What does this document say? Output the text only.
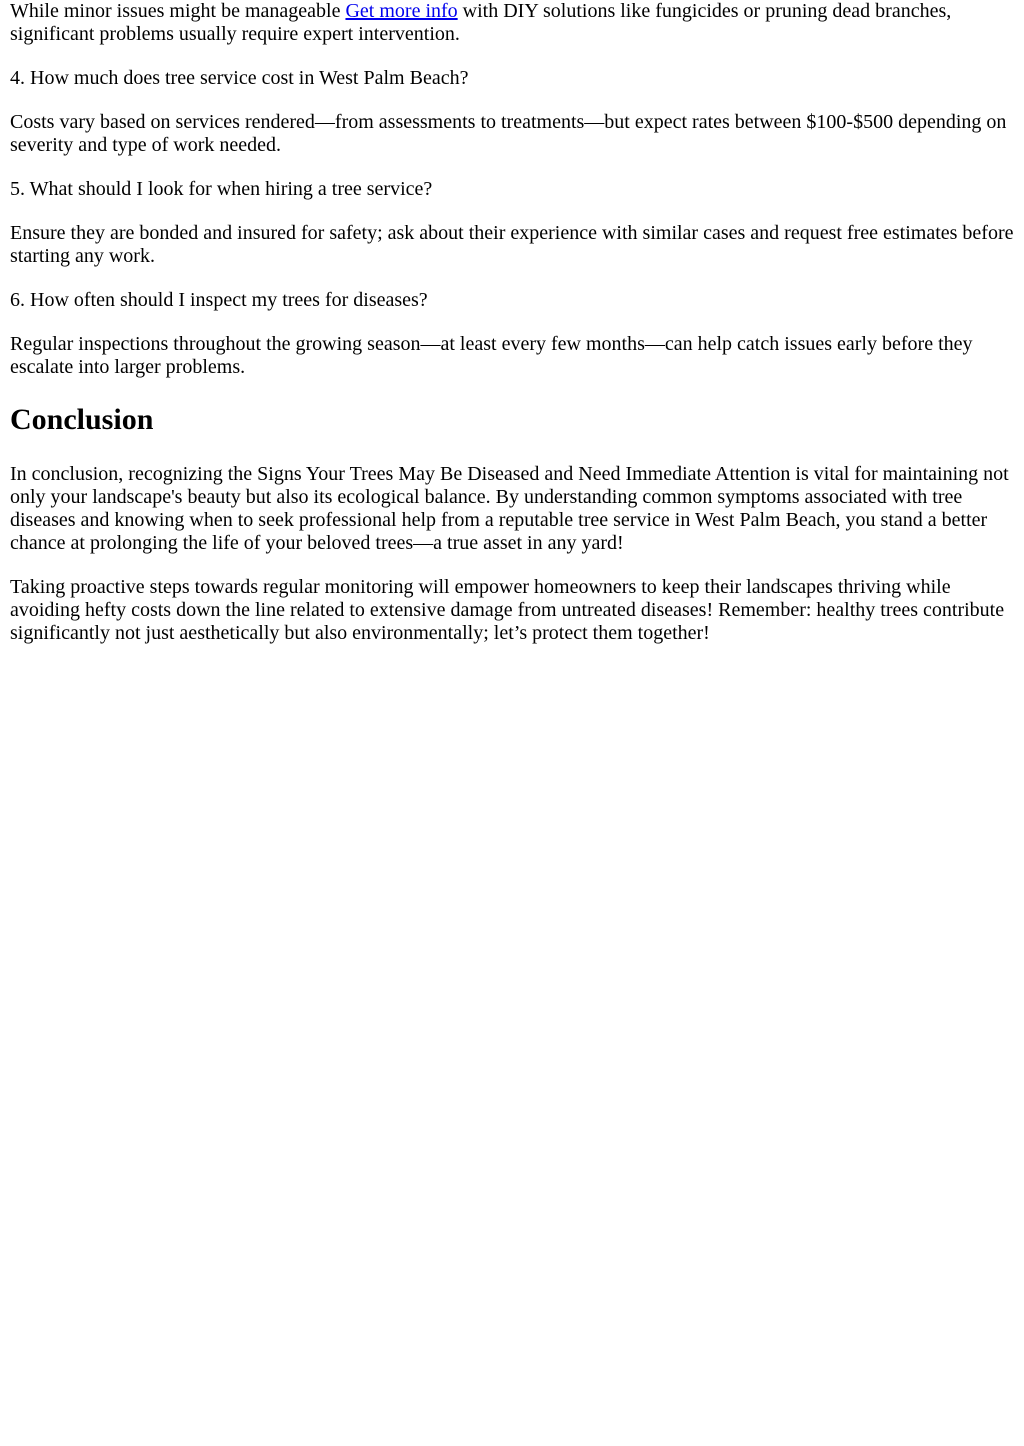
While minor issues might be manageable Get more info with DIY solutions like fungicides or pruning dead branches, significant problems usually require expert intervention.

4. How much does tree service cost in West Palm Beach?

Costs vary based on services rendered—from assessments to treatments—but expect rates between $100-$500 depending on severity and type of work needed.

5. What should I look for when hiring a tree service?

Ensure they are bonded and insured for safety; ask about their experience with similar cases and request free estimates before starting any work.

6. How often should I inspect my trees for diseases?

Regular inspections throughout the growing season—at least every few months—can help catch issues early before they escalate into larger problems.

Conclusion

In conclusion, recognizing the Signs Your Trees May Be Diseased and Need Immediate Attention is vital for maintaining not only your landscape's beauty but also its ecological balance. By understanding common symptoms associated with tree diseases and knowing when to seek professional help from a reputable tree service in West Palm Beach, you stand a better chance at prolonging the life of your beloved trees—a true asset in any yard!

Taking proactive steps towards regular monitoring will empower homeowners to keep their landscapes thriving while avoiding hefty costs down the line related to extensive damage from untreated diseases! Remember: healthy trees contribute significantly not just aesthetically but also environmentally; let’s protect them together!
